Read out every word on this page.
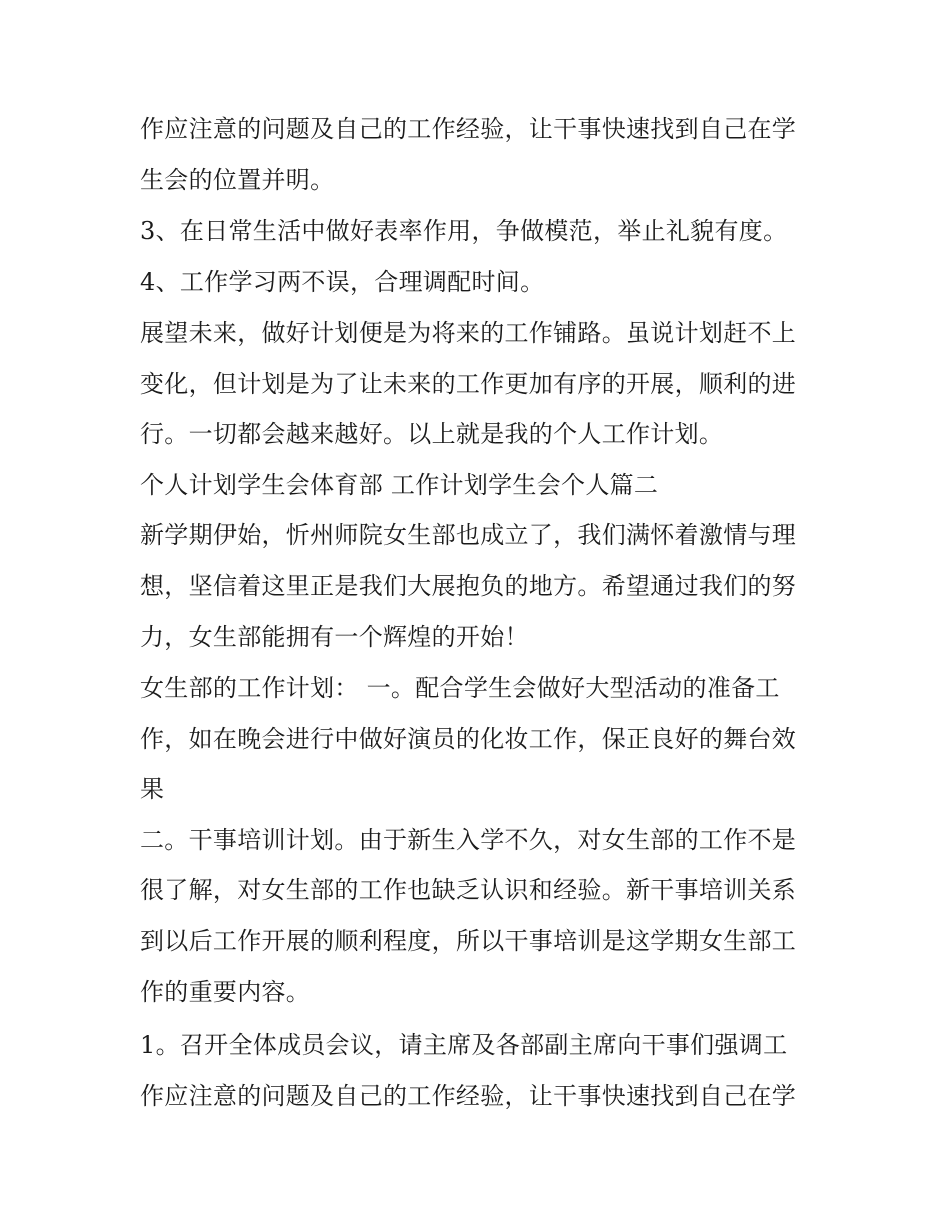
作应注意的问题及自己的工作经验，让干事快速找到自己在学
生会的位置并明。
3、在日常生活中做好表率作用，争做模范，举止礼貌有度。
4、工作学习两不误，合理调配时间。
展望未来，做好计划便是为将来的工作铺路。虽说计划赶不上
变化，但计划是为了让未来的工作更加有序的开展，顺利的进
行。一切都会越来越好。以上就是我的个人工作计划。
个人计划学生会体育部 工作计划学生会个人篇二
新学期伊始，忻州师院女生部也成立了，我们满怀着激情与理
想，坚信着这里正是我们大展抱负的地方。希望通过我们的努
力，女生部能拥有一个辉煌的开始！
女生部的工作计划： 一。配合学生会做好大型活动的准备工
作，如在晚会进行中做好演员的化妆工作，保正良好的舞台效
果
二。干事培训计划。由于新生入学不久，对女生部的工作不是
很了解，对女生部的工作也缺乏认识和经验。新干事培训关系
到以后工作开展的顺利程度，所以干事培训是这学期女生部工
作的重要内容。
1。召开全体成员会议，请主席及各部副主席向干事们强调工
作应注意的问题及自己的工作经验，让干事快速找到自己在学
